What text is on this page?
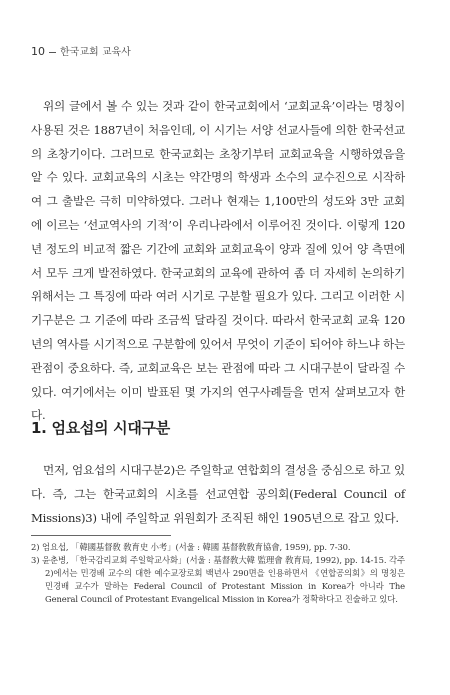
10 한국교회 교육사

위의 글에서 볼 수 있는 것과 같이 한국교회에서 ‘교회교육’이라는 명칭이 사용된 것은 1887년이 처음인데, 이 시기는 서양 선교사들에 의한 한국선교의 초창기이다. 그러므로 한국교회는 초창기부터 교회교육을 시행하였음을 알 수 있다. 교회교육의 시초는 약간명의 학생과 소수의 교수진으로 시작하여 그 출발은 극히 미약하였다. 그러나 현재는 1,100만의 성도와 3만 교회에 이르는 ‘선교역사의 기적’이 우리나라에서 이루어진 것이다. 이렇게 120년 정도의 비교적 짧은 기간에 교회와 교회교육이 양과 질에 있어 양 측면에서 모두 크게 발전하였다. 한국교회의 교육에 관하여 좀 더 자세히 논의하기 위해서는 그 특징에 따라 여러 시기로 구분할 필요가 있다. 그리고 이러한 시기구분은 그 기준에 따라 조금씩 달라질 것이다. 따라서 한국교회 교육 120년의 역사를 시기적으로 구분함에 있어서 무엇이 기준이 되어야 하느냐 하는 관점이 중요하다. 즉, 교회교육은 보는 관점에 따라 그 시대구분이 달라질 수 있다. 여기에서는 이미 발표된 몇 가지의 연구사례들을 먼저 살펴보고자 한다.

1. 엄요섭의 시대구분

먼저, 엄요섭의 시대구분2)은 주일학교 연합회의 결성을 중심으로 하고 있다. 즉, 그는 한국교회의 시초를 선교연합 공의회(Federal Council of Missions)3) 내에 주일학교 위원회가 조직된 해인 1905년으로 잡고 있다.

2) 엄요섭, 「韓國基督敎 敎育史 小考」(서울 : 韓國 基督敎敎育協會, 1959), pp. 7-30.

3) 윤춘병, 「한국감리교회 주일학교사화」(서울 : 基督敎大韓 監理會 敎育局, 1992), pp. 14-15. 각주 2)에서는 민경배 교수의 대한 예수교장로회 백년사 290면을 인용하면서 《연합공의회》의 명칭은 민경배 교수가 말하는 Federal Council of Protestant Mission in Korea가 아니라 The General Council of Protestant Evangelical Mission in Korea가 정확하다고 진술하고 있다.
